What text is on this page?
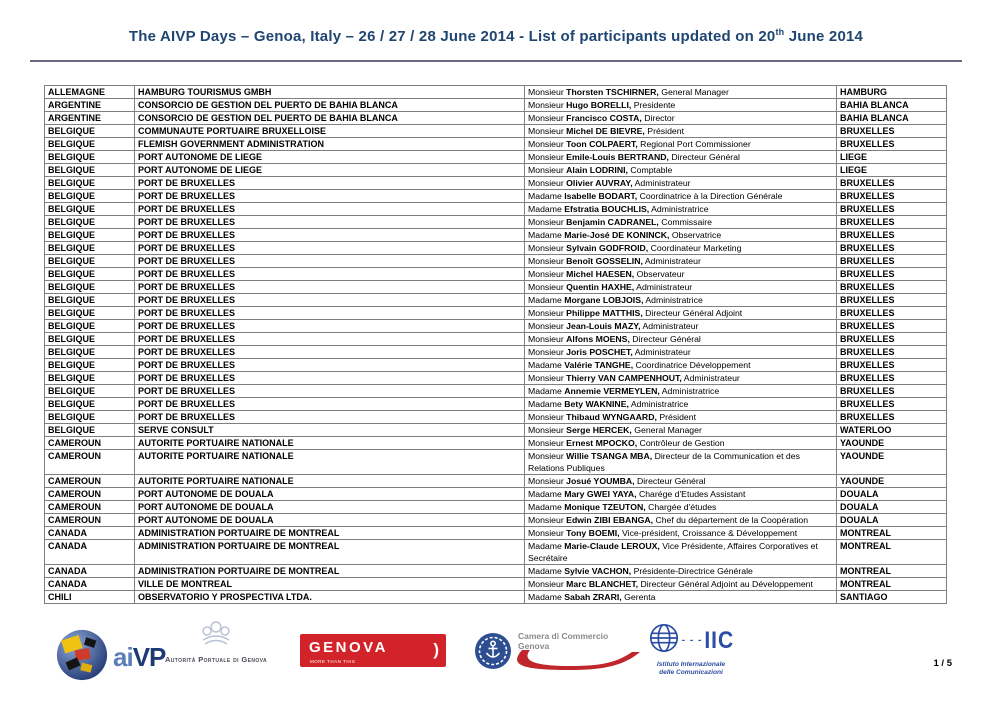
The AIVP Days – Genoa, Italy – 26 / 27 / 28 June 2014 - List of participants updated on 20th June 2014
ALLEMAGNE	HAMBURG TOURISMUS GMBH	Monsieur Thorsten TSCHIRNER, General Manager	HAMBURG
ARGENTINE	CONSORCIO DE GESTION DEL PUERTO DE BAHIA BLANCA	Monsieur Hugo BORELLI, Presidente	BAHIA BLANCA
ARGENTINE	CONSORCIO DE GESTION DEL PUERTO DE BAHIA BLANCA	Monsieur Francisco COSTA, Director	BAHIA BLANCA
BELGIQUE	COMMUNAUTE PORTUAIRE BRUXELLOISE	Monsieur Michel DE BIEVRE, Président	BRUXELLES
BELGIQUE	FLEMISH GOVERNMENT ADMINISTRATION	Monsieur Toon COLPAERT, Regional Port Commissioner	BRUXELLES
BELGIQUE	PORT AUTONOME DE LIEGE	Monsieur Emile-Louis BERTRAND, Directeur Général	LIEGE
BELGIQUE	PORT AUTONOME DE LIEGE	Monsieur Alain LODRINI, Comptable	LIEGE
BELGIQUE	PORT DE BRUXELLES	Monsieur Olivier AUVRAY, Administrateur	BRUXELLES
BELGIQUE	PORT DE BRUXELLES	Madame Isabelle BODART, Coordinatrice à la Direction Générale	BRUXELLES
BELGIQUE	PORT DE BRUXELLES	Madame Efstratia BOUCHLIS, Administratrice	BRUXELLES
BELGIQUE	PORT DE BRUXELLES	Monsieur Benjamin CADRANEL, Commissaire	BRUXELLES
BELGIQUE	PORT DE BRUXELLES	Madame Marie-José DE KONINCK, Observatrice	BRUXELLES
BELGIQUE	PORT DE BRUXELLES	Monsieur Sylvain GODFROID, Coordinateur Marketing	BRUXELLES
BELGIQUE	PORT DE BRUXELLES	Monsieur Benoît GOSSELIN, Administrateur	BRUXELLES
BELGIQUE	PORT DE BRUXELLES	Monsieur Michel HAESEN, Observateur	BRUXELLES
BELGIQUE	PORT DE BRUXELLES	Monsieur Quentin HAXHE, Administrateur	BRUXELLES
BELGIQUE	PORT DE BRUXELLES	Madame Morgane LOBJOIS, Administratrice	BRUXELLES
BELGIQUE	PORT DE BRUXELLES	Monsieur Philippe MATTHIS, Directeur Général Adjoint	BRUXELLES
BELGIQUE	PORT DE BRUXELLES	Monsieur Jean-Louis MAZY, Administrateur	BRUXELLES
BELGIQUE	PORT DE BRUXELLES	Monsieur Alfons MOENS, Directeur Général	BRUXELLES
BELGIQUE	PORT DE BRUXELLES	Monsieur Joris POSCHET, Administrateur	BRUXELLES
BELGIQUE	PORT DE BRUXELLES	Madame Valérie TANGHE, Coordinatrice Développement	BRUXELLES
BELGIQUE	PORT DE BRUXELLES	Monsieur Thierry VAN CAMPENHOUT, Administrateur	BRUXELLES
BELGIQUE	PORT DE BRUXELLES	Madame Annemie VERMEYLEN, Administratrice	BRUXELLES
BELGIQUE	PORT DE BRUXELLES	Madame Bety WAKNINE, Administratrice	BRUXELLES
BELGIQUE	PORT DE BRUXELLES	Monsieur Thibaud WYNGAARD, Président	BRUXELLES
BELGIQUE	SERVE CONSULT	Monsieur Serge HERCEK, General Manager	WATERLOO
CAMEROUN	AUTORITE PORTUAIRE NATIONALE	Monsieur Ernest MPOCKO, Contrôleur de Gestion	YAOUNDE
CAMEROUN	AUTORITE PORTUAIRE NATIONALE	Monsieur Willie TSANGA MBA, Directeur de la Communication et des Relations Publiques	YAOUNDE
CAMEROUN	AUTORITE PORTUAIRE NATIONALE	Monsieur Josué YOUMBA, Directeur Général	YAOUNDE
CAMEROUN	PORT AUTONOME DE DOUALA	Madame Mary GWEI YAYA, Charége d'Etudes Assistant	DOUALA
CAMEROUN	PORT AUTONOME DE DOUALA	Madame Monique TZEUTON, Chargée d'études	DOUALA
CAMEROUN	PORT AUTONOME DE DOUALA	Monsieur Edwin ZIBI EBANGA, Chef du département de la Coopération	DOUALA
CANADA	ADMINISTRATION PORTUAIRE DE MONTREAL	Monsieur Tony BOEMI, Vice-président, Croissance & Développement	MONTREAL
CANADA	ADMINISTRATION PORTUAIRE DE MONTREAL	Madame Marie-Claude LEROUX, Vice Présidente, Affaires Corporatives et Secrétaire	MONTREAL
CANADA	ADMINISTRATION PORTUAIRE DE MONTREAL	Madame Sylvie VACHON, Présidente-Directrice Générale	MONTREAL
CANADA	VILLE DE MONTREAL	Monsieur Marc BLANCHET, Directeur Général Adjoint au Développement	MONTREAL
CHILI	OBSERVATORIO Y PROSPECTIVA LTDA.	Madame Sabah ZRARI, Gerenta	SANTIAGO
aiVP Autorità Portuale di Genova
GENOVA	)
MORE THAN THIS
Camera di Commercio
Genova	- - - IIC
Istituto Internazionale
delle Comunicazioni
1 / 5
